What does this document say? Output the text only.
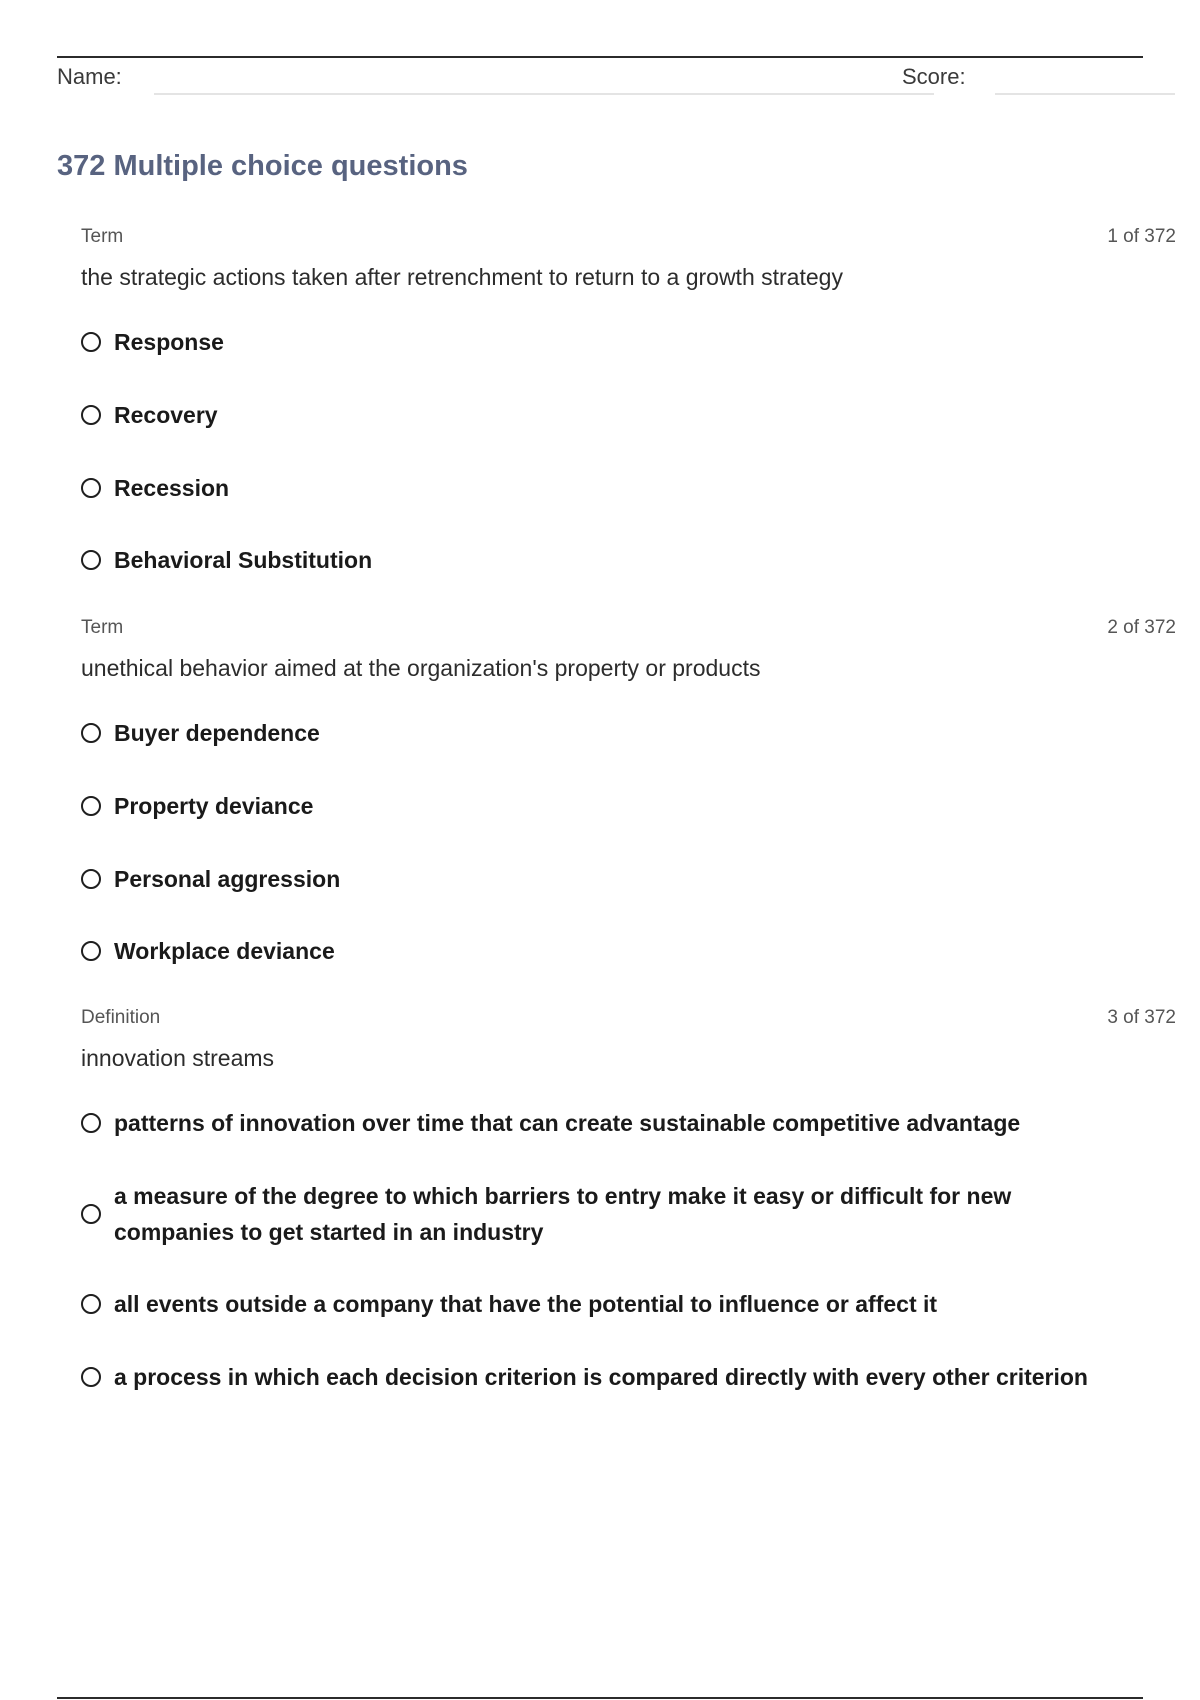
Name:	Score:
372 Multiple choice questions
Term	1 of 372
the strategic actions taken after retrenchment to return to a growth strategy
Response
Recovery
Recession
Behavioral Substitution
Term	2 of 372
unethical behavior aimed at the organization's property or products
Buyer dependence
Property deviance
Personal aggression
Workplace deviance
Definition	3 of 372
innovation streams
patterns of innovation over time that can create sustainable competitive advantage
a measure of the degree to which barriers to entry make it easy or difficult for new companies to get started in an industry
all events outside a company that have the potential to influence or affect it
a process in which each decision criterion is compared directly with every other criterion
